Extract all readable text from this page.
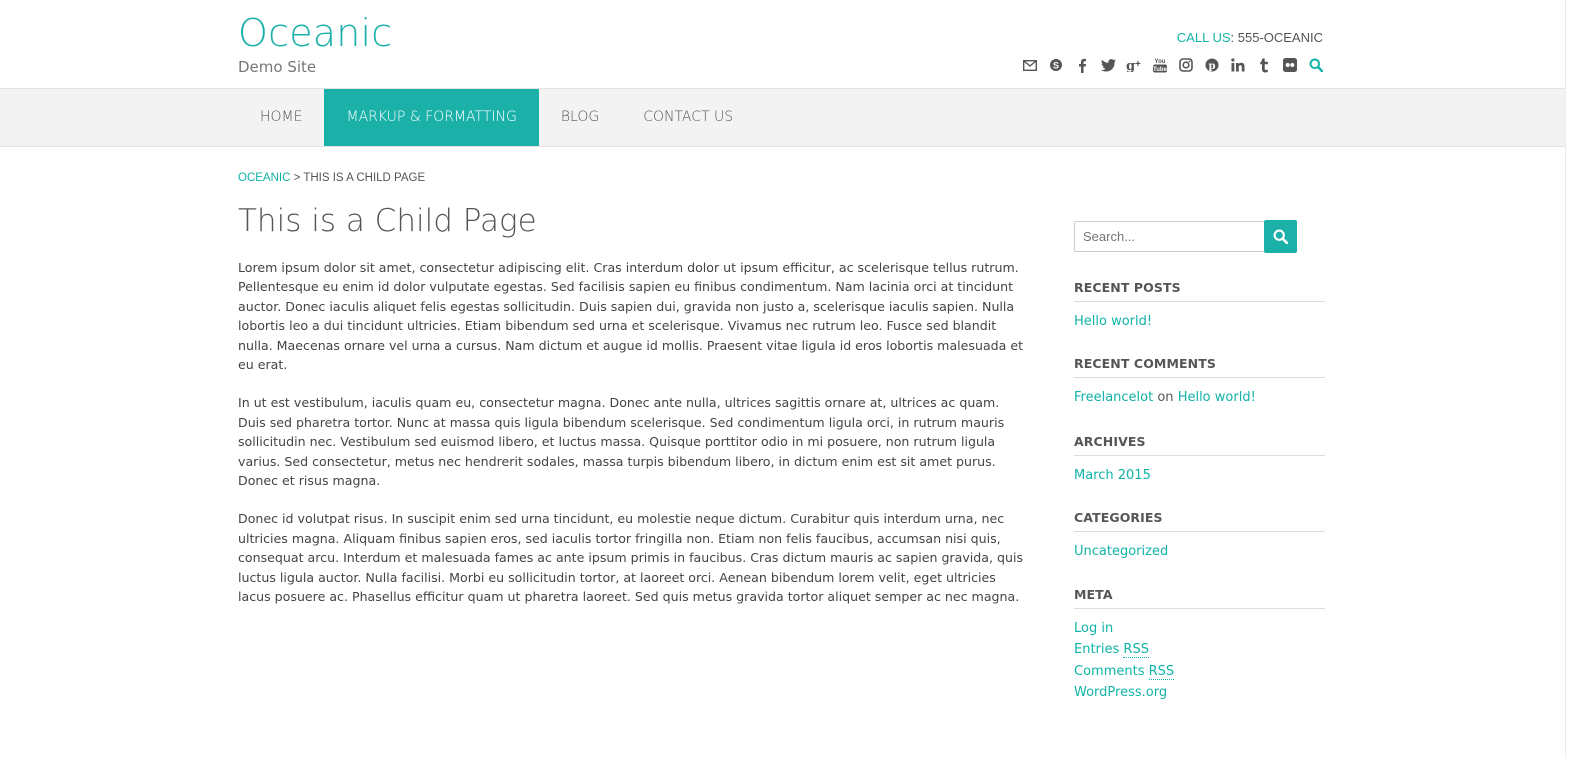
Oceanic
Demo Site
CALL US: 555-OCEANIC
S	g + You
Tube	p
HOME	MARKUP & FORMATTING	BLOG	CONTACT US
OCEANIC > THIS IS A CHILD PAGE
This is a Child Page

Lorem ipsum dolor sit amet, consectetur adipiscing elit. Cras interdum dolor ut ipsum efficitur, ac scelerisque tellus rutrum. Pellentesque eu enim id dolor vulputate egestas. Sed facilisis sapien eu finibus condimentum. Nam lacinia orci at tincidunt auctor. Donec iaculis aliquet felis egestas sollicitudin. Duis sapien dui, gravida non justo a, scelerisque iaculis sapien. Nulla lobortis leo a dui tincidunt ultricies. Etiam bibendum sed urna et scelerisque. Vivamus nec rutrum leo. Fusce sed blandit nulla. Maecenas ornare vel urna a cursus. Nam dictum et augue id mollis. Praesent vitae ligula id eros lobortis malesuada et eu erat.

In ut est vestibulum, iaculis quam eu, consectetur magna. Donec ante nulla, ultrices sagittis ornare at, ultrices ac quam. Duis sed pharetra tortor. Nunc at massa quis ligula bibendum scelerisque. Sed condimentum ligula orci, in rutrum mauris sollicitudin nec. Vestibulum sed euismod libero, et luctus massa. Quisque porttitor odio in mi posuere, non rutrum ligula varius. Sed consectetur, metus nec hendrerit sodales, massa turpis bibendum libero, in dictum enim est sit amet purus. Donec et risus magna.

Donec id volutpat risus. In suscipit enim sed urna tincidunt, eu molestie neque dictum. Curabitur quis interdum urna, nec ultricies magna. Aliquam finibus sapien eros, sed iaculis tortor fringilla non. Etiam non felis faucibus, accumsan nisi quis, consequat arcu. Interdum et malesuada fames ac ante ipsum primis in faucibus. Cras dictum mauris ac sapien gravida, quis luctus ligula auctor. Nulla facilisi. Morbi eu sollicitudin tortor, at laoreet orci. Aenean bibendum lorem velit, eget ultricies lacus posuere ac. Phasellus efficitur quam ut pharetra laoreet. Sed quis metus gravida tortor aliquet semper ac nec magna.

Search...
RECENT POSTS
Hello world!
RECENT COMMENTS
Freelancelot on Hello world!
ARCHIVES
March 2015
CATEGORIES
Uncategorized
META
Log in
Entries RSS
Comments RSS
WordPress.org
